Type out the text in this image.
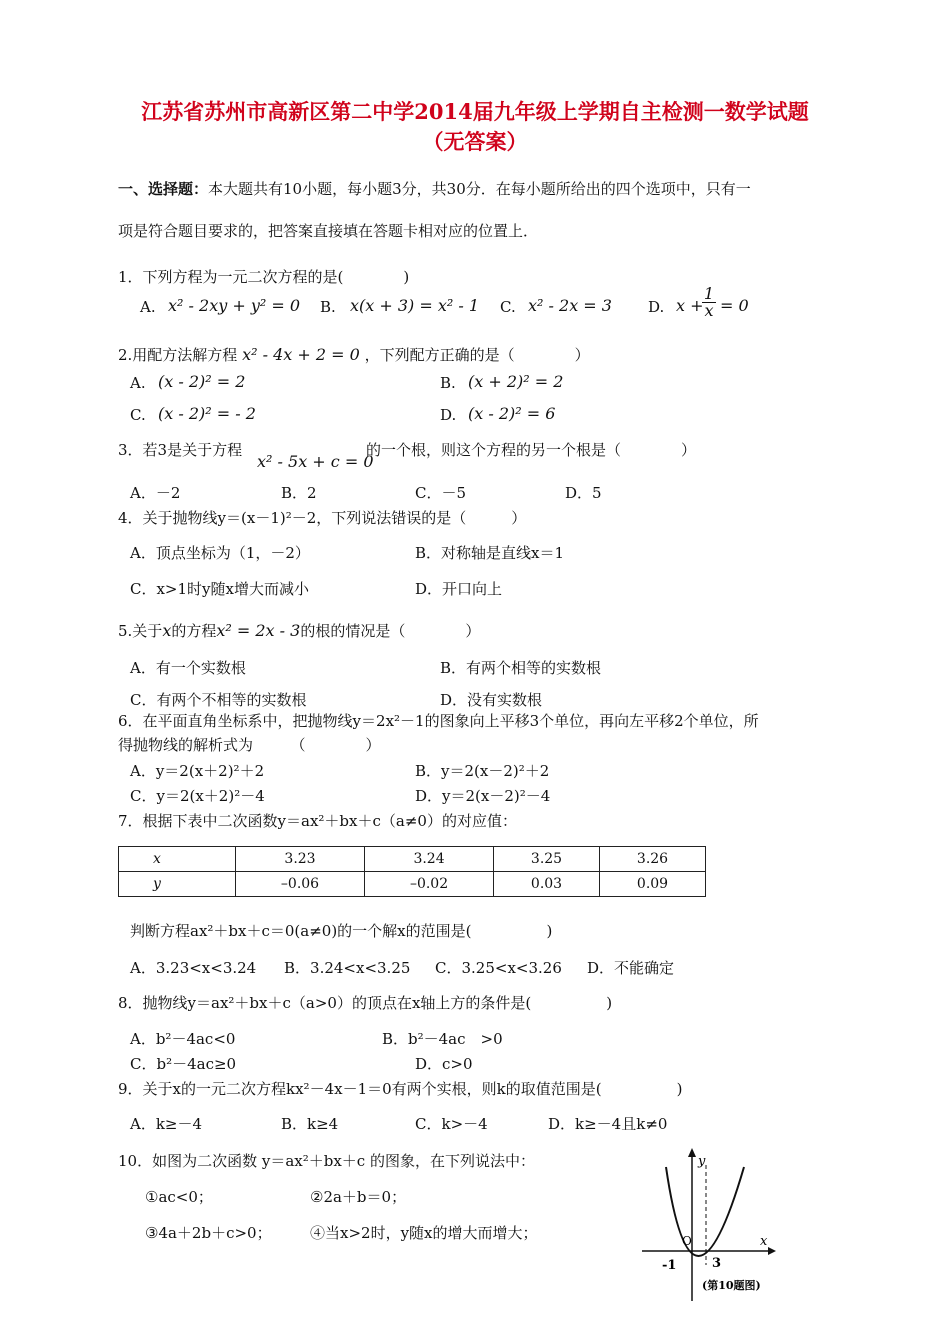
江苏省苏州市高新区第二中学2014届九年级上学期自主检测一数学试题
（无答案）
一、选择题：本大题共有10小题，每小题3分，共30分．在每小题所给出的四个选项中，只有一
项是符合题目要求的，把答案直接填在答题卡相对应的位置上．
1．下列方程为一元二次方程的是(　　　　)
A. x² - 2xy + y² = 0 B. x(x + 3) = x² - 1 C. x² - 2x = 3 D. x +
$\frac{1}{x} = 0$
2.用配方法解方程 x² - 4x + 2 = 0 ，下列配方正确的是（　　　　）
A. (x - 2)² = 2	B. (x + 2)² = 2
C. (x - 2)² = - 2	D. (x - 2)² = 6
3．若3是关于方程
x² - 5x + c = 0
的一个根，则这个方程的另一个根是（　　　　）
A．－2	B．2	C．－5	D．5
4．关于抛物线y＝(x－1)²－2，下列说法错误的是（　　　）
A．顶点坐标为（1，－2）	B．对称轴是直线x＝1
C．x>1时y随x增大而减小	D．开口向上
5.关于x的方程x² = 2x - 3的根的情况是（　　　　）
A．有一个实数根	B．有两个相等的实数根
C．有两个不相等的实数根	D．没有实数根
6．在平面直角坐标系中，把抛物线y＝2x²－1的图象向上平移3个单位，再向左平移2个单位，所
得抛物线的解析式为　　　（　　　　）
A．y＝2(x＋2)²＋2	B．y＝2(x－2)²＋2
C．y＝2(x＋2)²－4	D．y＝2(x－2)²－4
7．根据下表中二次函数y＝ax²＋bx＋c（a≠0）的对应值：
x	3.23	3.24	3.25	3.26
y	–0.06	–0.02	0.03	0.09
判断方程ax²＋bx＋c＝0(a≠0)的一个解x的范围是(　　　　　)
A．3.23<x<3.24 B．3.24<x<3.25 C．3.25<x<3.26 D．不能确定
8．抛物线y＝ax²＋bx＋c（a>0）的顶点在x轴上方的条件是(　　　　　)
A．b²－4ac<0	B．b²－4ac　>0
C．b²－4ac≥0	D．c>0
9．关于x的一元二次方程kx²－4x－1＝0有两个实根，则k的取值范围是(　　　　　)
A．k≥－4	B．k≥4	C．k>－4	D．k≥－4且k≠0
10．如图为二次函数 y＝ax²＋bx＋c 的图象，在下列说法中：
①ac<0；	②2a＋b＝0；
③4a＋2b＋c>0；	④当x>2时，y随x的增大而增大；
y
x
O
-1	3
(第10题图)
